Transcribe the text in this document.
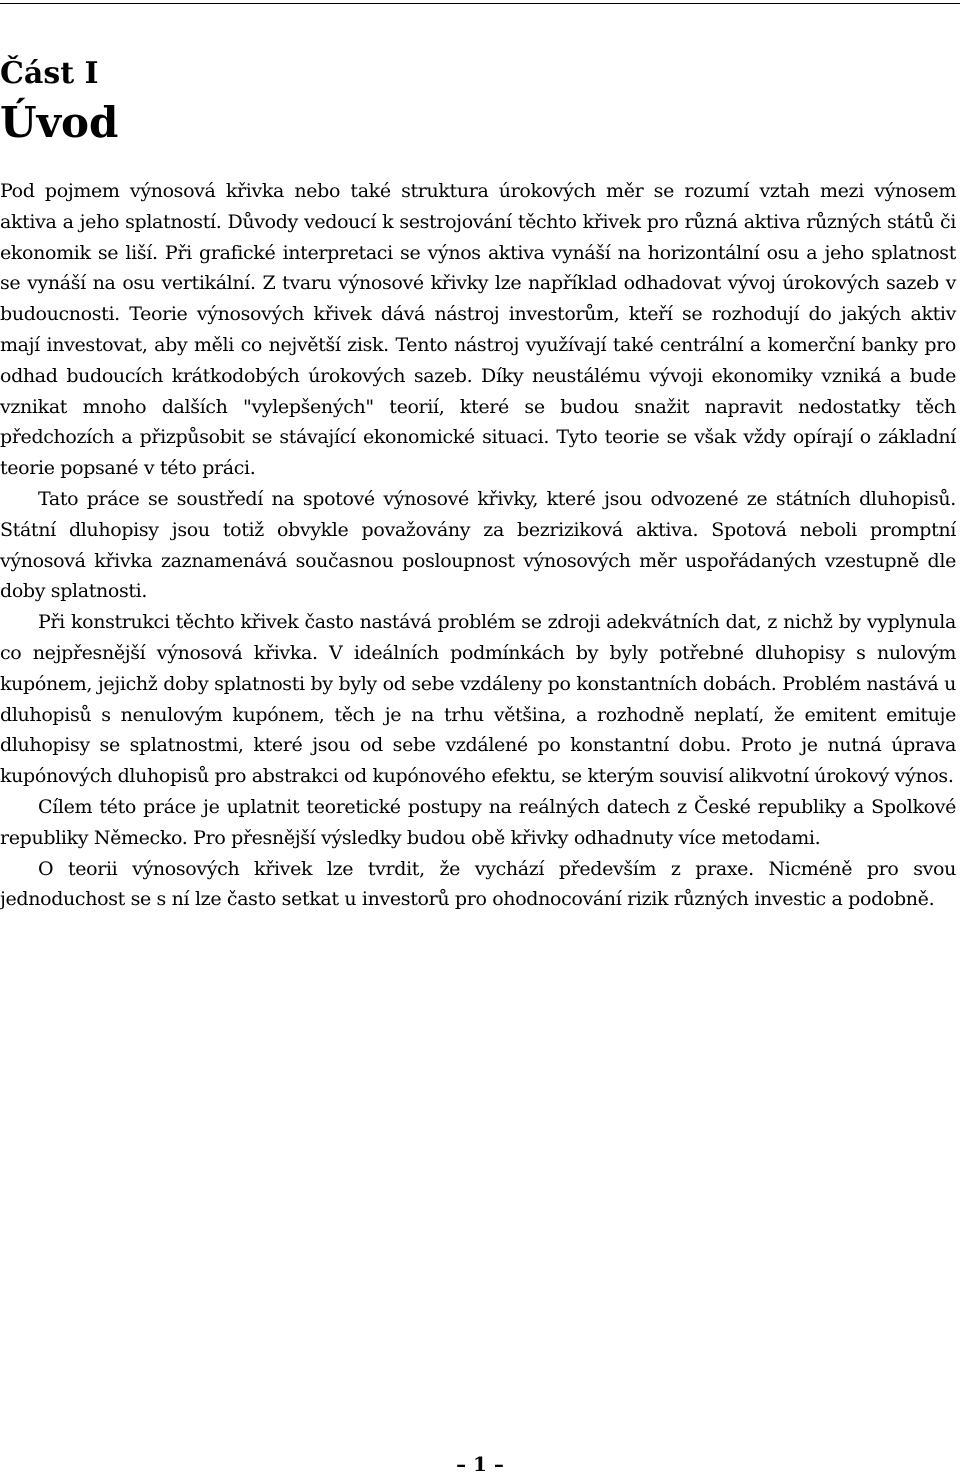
Část I
Úvod

Pod pojmem výnosová křivka nebo také struktura úrokových měr se rozumí vztah mezi výnosem aktiva a jeho splatností. Důvody vedoucí k sestrojování těchto křivek pro různá aktiva různých států či ekonomik se liší. Při grafické interpretaci se výnos aktiva vynáší na horizontální osu a jeho splatnost se vynáší na osu vertikální. Z tvaru výnosové křivky lze například odhadovat vývoj úrokových sazeb v budoucnosti. Teorie výnosových křivek dává nástroj investorům, kteří se rozhodují do jakých aktiv mají investovat, aby měli co největší zisk. Tento nástroj využívají také centrální a komerční banky pro odhad budoucích krátkodobých úrokových sazeb. Díky neustálému vývoji ekonomiky vzniká a bude vznikat mnoho dalších "vylepšených" teorií, které se budou snažit napravit nedostatky těch předchozích a přizpůsobit se stávající ekonomické situaci. Tyto teorie se však vždy opírají o základní teorie popsané v této práci.

Tato práce se soustředí na spotové výnosové křivky, které jsou odvozené ze státních dluhopisů. Státní dluhopisy jsou totiž obvykle považovány za bezriziková aktiva. Spotová neboli promptní výnosová křivka zaznamenává současnou posloupnost výnosových měr uspořádaných vzestupně dle doby splatnosti.

Při konstrukci těchto křivek často nastává problém se zdroji adekvátních dat, z nichž by vyplynula co nejpřesnější výnosová křivka. V ideálních podmínkách by byly potřebné dluhopisy s nulovým kupónem, jejichž doby splatnosti by byly od sebe vzdáleny po konstantních dobách. Problém nastává u dluhopisů s nenulovým kupónem, těch je na trhu většina, a rozhodně neplatí, že emitent emituje dluhopisy se splatnostmi, které jsou od sebe vzdálené po konstantní dobu. Proto je nutná úprava kupónových dluhopisů pro abstrakci od kupónového efektu, se kterým souvisí alikvotní úrokový výnos.

Cílem této práce je uplatnit teoretické postupy na reálných datech z České republiky a Spolkové republiky Německo. Pro přesnější výsledky budou obě křivky odhadnuty více metodami.

O teorii výnosových křivek lze tvrdit, že vychází především z praxe. Nicméně pro svou jednoduchost se s ní lze často setkat u investorů pro ohodnocování rizik různých investic a podobně.

– 1 –
